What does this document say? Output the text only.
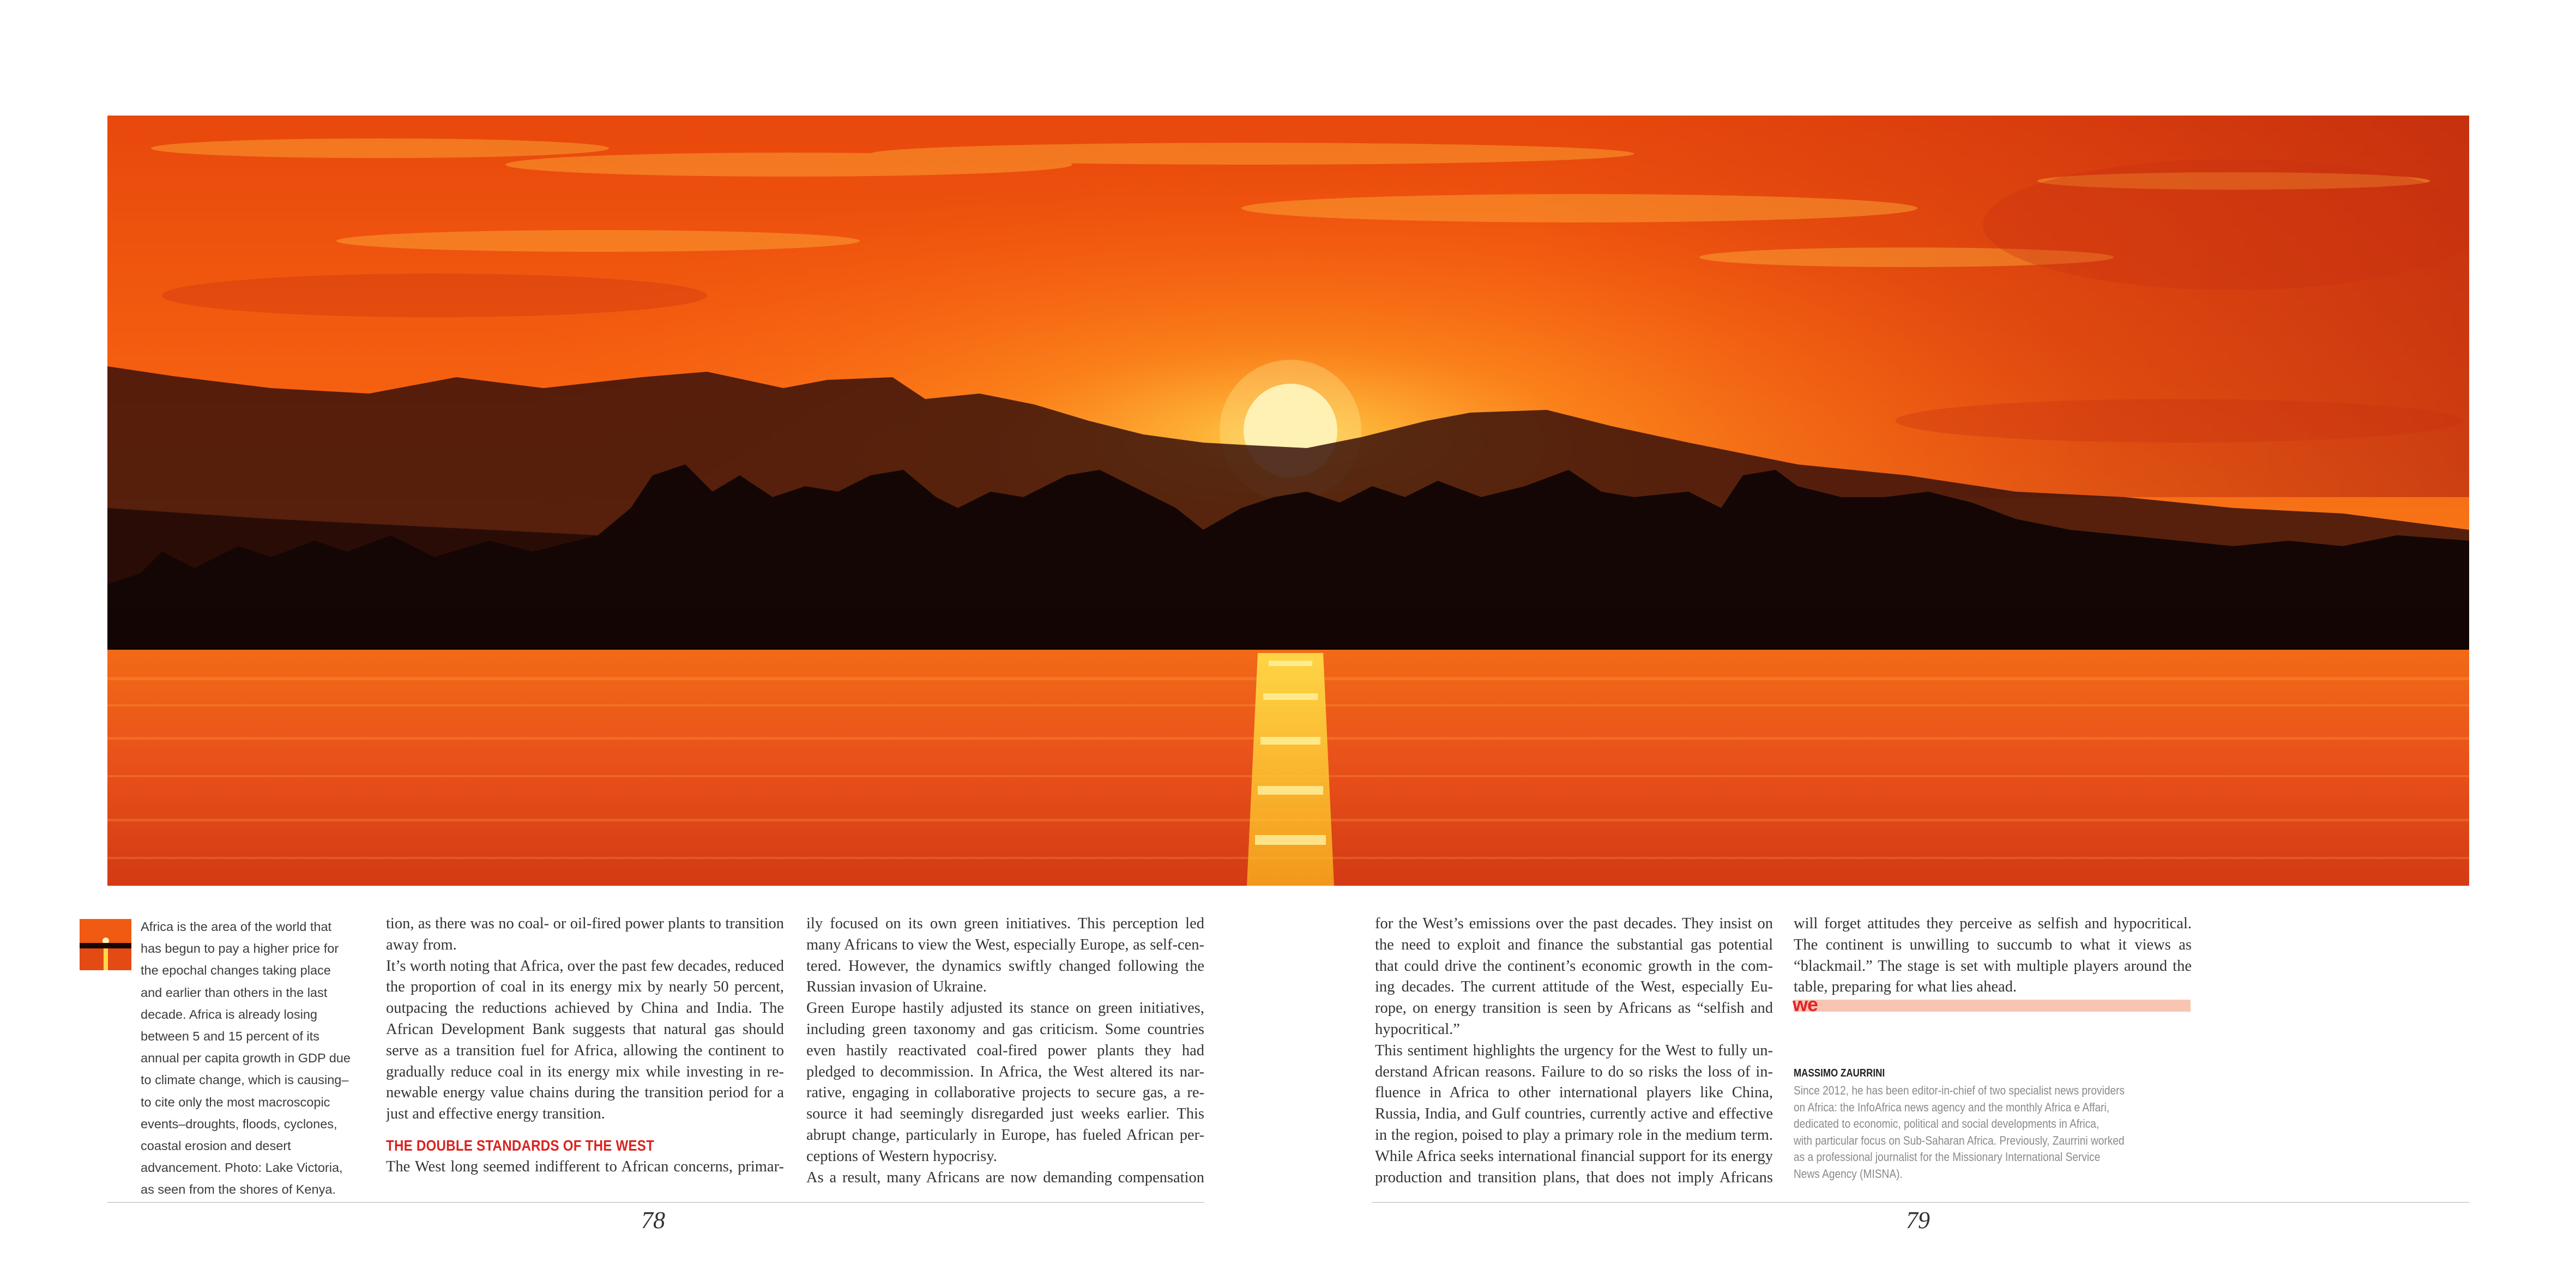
Africa is the area of the world that
has begun to pay a higher price for
the epochal changes taking place
and earlier than others in the last
decade. Africa is already losing
between 5 and 15 percent of its
annual per capita growth in GDP due
to climate change, which is causing–
to cite only the most macroscopic
events–droughts, floods, cyclones,
coastal erosion and desert
advancement. Photo: Lake Victoria,
as seen from the shores of Kenya.
tion, as there was no coal- or oil-fired power plants to transition
away from.
It’s worth noting that Africa, over the past few decades, reduced
the proportion of coal in its energy mix by nearly 50 percent,
outpacing the reductions achieved by China and India. The
African Development Bank suggests that natural gas should
serve as a transition fuel for Africa, allowing the continent to
gradually reduce coal in its energy mix while investing in re-
newable energy value chains during the transition period for a
just and effective energy transition.
THE DOUBLE STANDARDS OF THE WEST
The West long seemed indifferent to African concerns, primar-
ily focused on its own green initiatives. This perception led
many Africans to view the West, especially Europe, as self-cen-
tered. However, the dynamics swiftly changed following the
Russian invasion of Ukraine.
Green Europe hastily adjusted its stance on green initiatives,
including green taxonomy and gas criticism. Some countries
even hastily reactivated coal-fired power plants they had
pledged to decommission. In Africa, the West altered its nar-
rative, engaging in collaborative projects to secure gas, a re-
source it had seemingly disregarded just weeks earlier. This
abrupt change, particularly in Europe, has fueled African per-
ceptions of Western hypocrisy.
As a result, many Africans are now demanding compensation
for the West’s emissions over the past decades. They insist on
the need to exploit and finance the substantial gas potential
that could drive the continent’s economic growth in the com-
ing decades. The current attitude of the West, especially Eu-
rope, on energy transition is seen by Africans as “selfish and
hypocritical.”
This sentiment highlights the urgency for the West to fully un-
derstand African reasons. Failure to do so risks the loss of in-
fluence in Africa to other international players like China,
Russia, India, and Gulf countries, currently active and effective
in the region, poised to play a primary role in the medium term.
While Africa seeks international financial support for its energy
production and transition plans, that does not imply Africans
will forget attitudes they perceive as selfish and hypocritical.
The continent is unwilling to succumb to what it views as
“blackmail.” The stage is set with multiple players around the
table, preparing for what lies ahead.
we
MASSIMO ZAURRINI
Since 2012, he has been editor-in-chief of two specialist news providers
on Africa: the InfoAfrica news agency and the monthly Africa e Affari,
dedicated to economic, political and social developments in Africa,
with particular focus on Sub-Saharan Africa. Previously, Zaurrini worked
as a professional journalist for the Missionary International Service
News Agency (MISNA).
78	79
